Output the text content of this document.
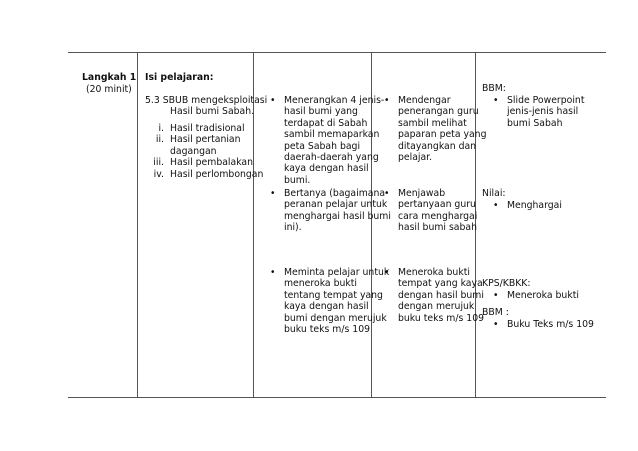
Langkah 1
(20 minit)
Isi pelajaran:
5.3 SBUB mengeksploitasi
Hasil bumi Sabah.
i. Hasil tradisional
ii. Hasil pertanian
dagangan
iii. Hasil pembalakan
iv. Hasil perlombongan
• Menerangkan 4 jenis-
hasil bumi yang
terdapat di Sabah
sambil memaparkan
peta Sabah bagi
daerah-daerah yang
kaya dengan hasil
bumi.
• Bertanya (bagaimana
peranan pelajar untuk
menghargai hasil bumi
ini).
• Meminta pelajar untuk
meneroka bukti
tentang tempat yang
kaya dengan hasil
bumi dengan merujuk
buku teks m/s 109
• Mendengar
penerangan guru
sambil melihat
paparan peta yang
ditayangkan dan
pelajar.
• Menjawab
pertanyaan guru
cara menghargai
hasil bumi sabah
• Meneroka bukti
tempat yang kaya
dengan hasil bumi
dengan merujuk
buku teks m/s 109
BBM:
• Slide Powerpoint
jenis-jenis hasil
bumi Sabah
Nilai:
• Menghargai
KPS/KBKK:
• Meneroka bukti
BBM :
• Buku Teks m/s 109
